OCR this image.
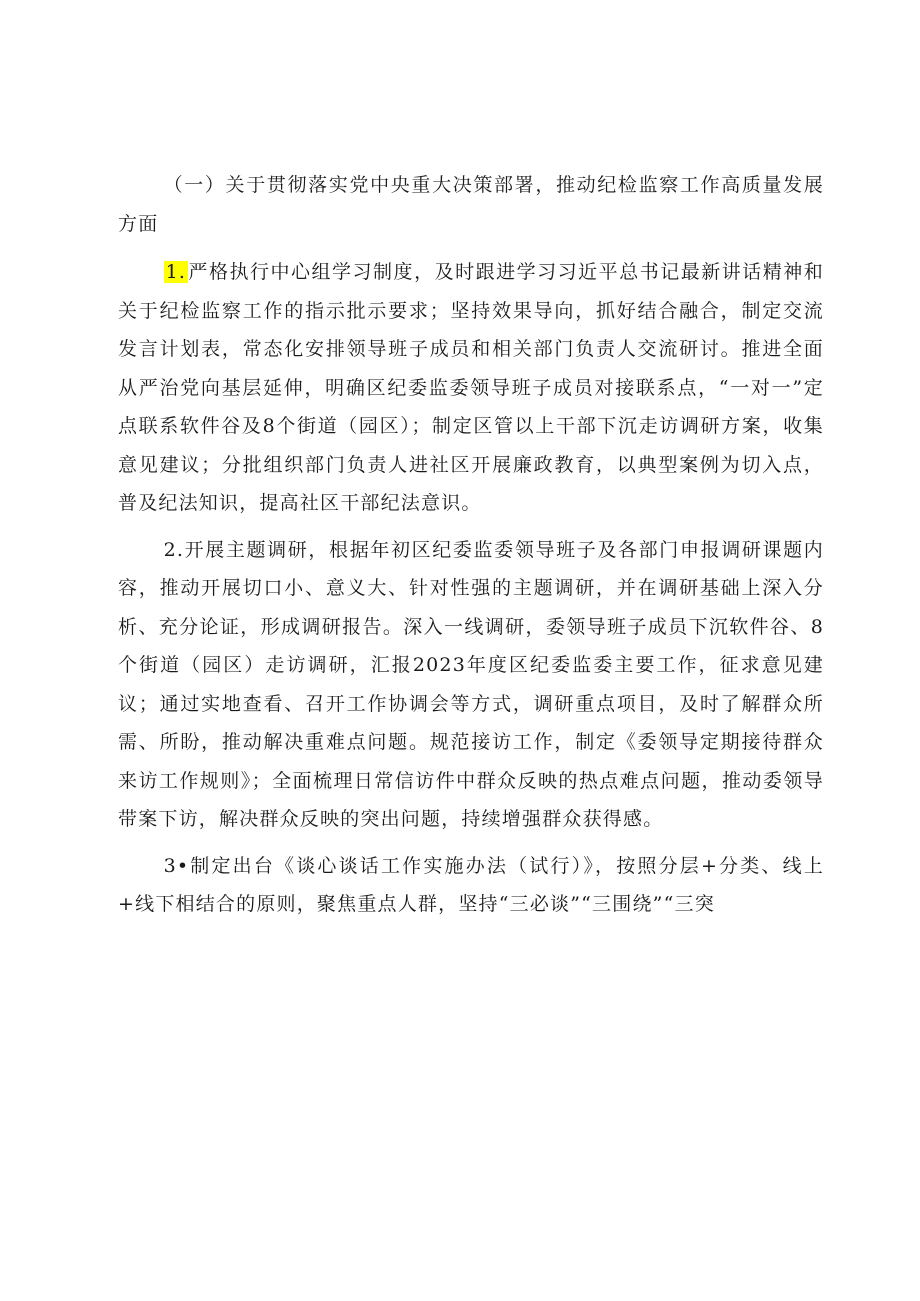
（一）关于贯彻落实党中央重大决策部署，推动纪检监察工作高质量发展方面

1. 严格执行中心组学习制度，及时跟进学习习近平总书记最新讲话精神和关于纪检监察工作的指示批示要求；坚持效果导向，抓好结合融合，制定交流发言计划表，常态化安排领导班子成员和相关部门负责人交流研讨。推进全面从严治党向基层延伸，明确区纪委监委领导班子成员对接联系点，“一对一”定点联系软件谷及8个街道（园区）；制定区管以上干部下沉走访调研方案，收集意见建议；分批组织部门负责人进社区开展廉政教育，以典型案例为切入点，普及纪法知识，提高社区干部纪法意识。

2.开展主题调研，根据年初区纪委监委领导班子及各部门申报调研课题内容，推动开展切口小、意义大、针对性强的主题调研，并在调研基础上深入分析、充分论证，形成调研报告。深入一线调研，委领导班子成员下沉软件谷、8个街道（园区）走访调研，汇报2023年度区纪委监委主要工作，征求意见建议；通过实地查看、召开工作协调会等方式，调研重点项目，及时了解群众所需、所盼，推动解决重难点问题。规范接访工作，制定《委领导定期接待群众来访工作规则》；全面梳理日常信访件中群众反映的热点难点问题，推动委领导带案下访，解决群众反映的突出问题，持续增强群众获得感。

3•制定出台《谈心谈话工作实施办法（试行）》，按照分层+分类、线上+线下相结合的原则，聚焦重点人群，坚持“三必谈”“三围绕”“三突
